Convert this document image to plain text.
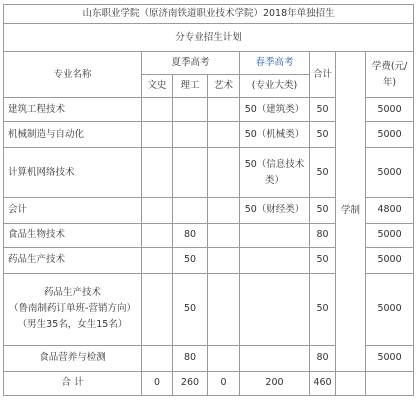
山东职业学院（原济南铁道职业技术学院）2018年单独招生							
分专业招生计划							
专业名称	夏季高考			春季高考	合计	学制	学费(元/
年)

	文史	理工	艺术	(专业大类)			
建筑工程技术				50（建筑类）	50		5000
机械制造与自动化				50（机械类）	50		5000
计算机网络技术				50（信息技术
类）	50		5000
会计				50（财经类）	50		4800
食品生物技术		80			80		5000
药品生产技术		50			50		5000

药品生产技术
（鲁南制药订单班-营销方向）
（男生35名，女生15名）		50			50		5000
食品营养与检测		80			80		5000
合 计	0	260	0	200	460		
